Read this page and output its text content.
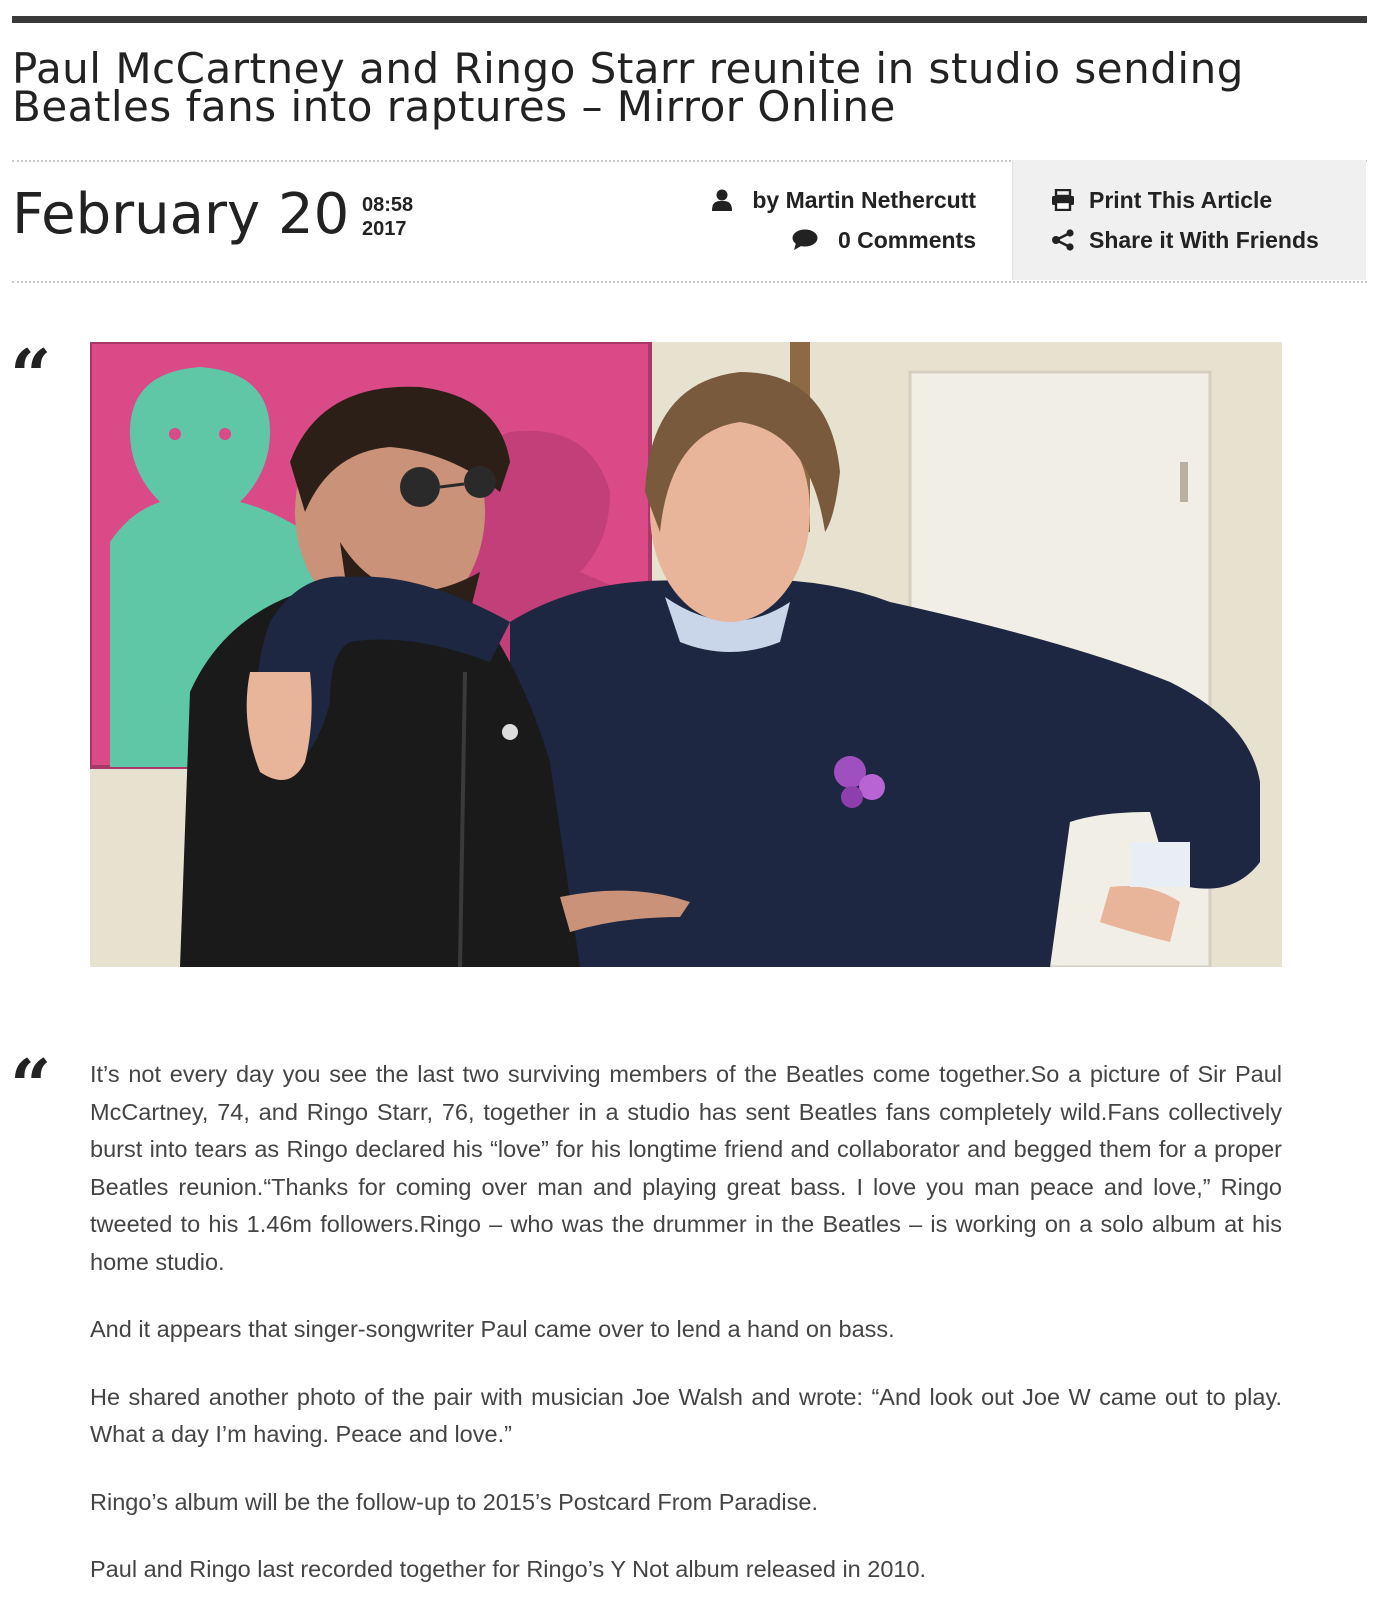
Paul McCartney and Ringo Starr reunite in studio sending Beatles fans into raptures – Mirror Online
February 20 08:58
2017
by Martin Nethercutt
0 Comments
Print This Article
Share it With Friends
“
“ It’s not every day you see the last two surviving members of the Beatles come together.So a picture of Sir Paul McCartney, 74, and Ringo Starr, 76, together in a studio has sent Beatles fans completely wild.Fans collectively burst into tears as Ringo declared his “love” for his longtime friend and collaborator and begged them for a proper Beatles reunion.“Thanks for coming over man and playing great bass. I love you man peace and love,” Ringo tweeted to his 1.46m followers.Ringo – who was the drummer in the Beatles – is working on a solo album at his home studio.

And it appears that singer-songwriter Paul came over to lend a hand on bass.

He shared another photo of the pair with musician Joe Walsh and wrote: “And look out Joe W came out to play. What a day I’m having. Peace and love.”

Ringo’s album will be the follow-up to 2015’s Postcard From Paradise.

Paul and Ringo last recorded together for Ringo’s Y Not album released in 2010.
